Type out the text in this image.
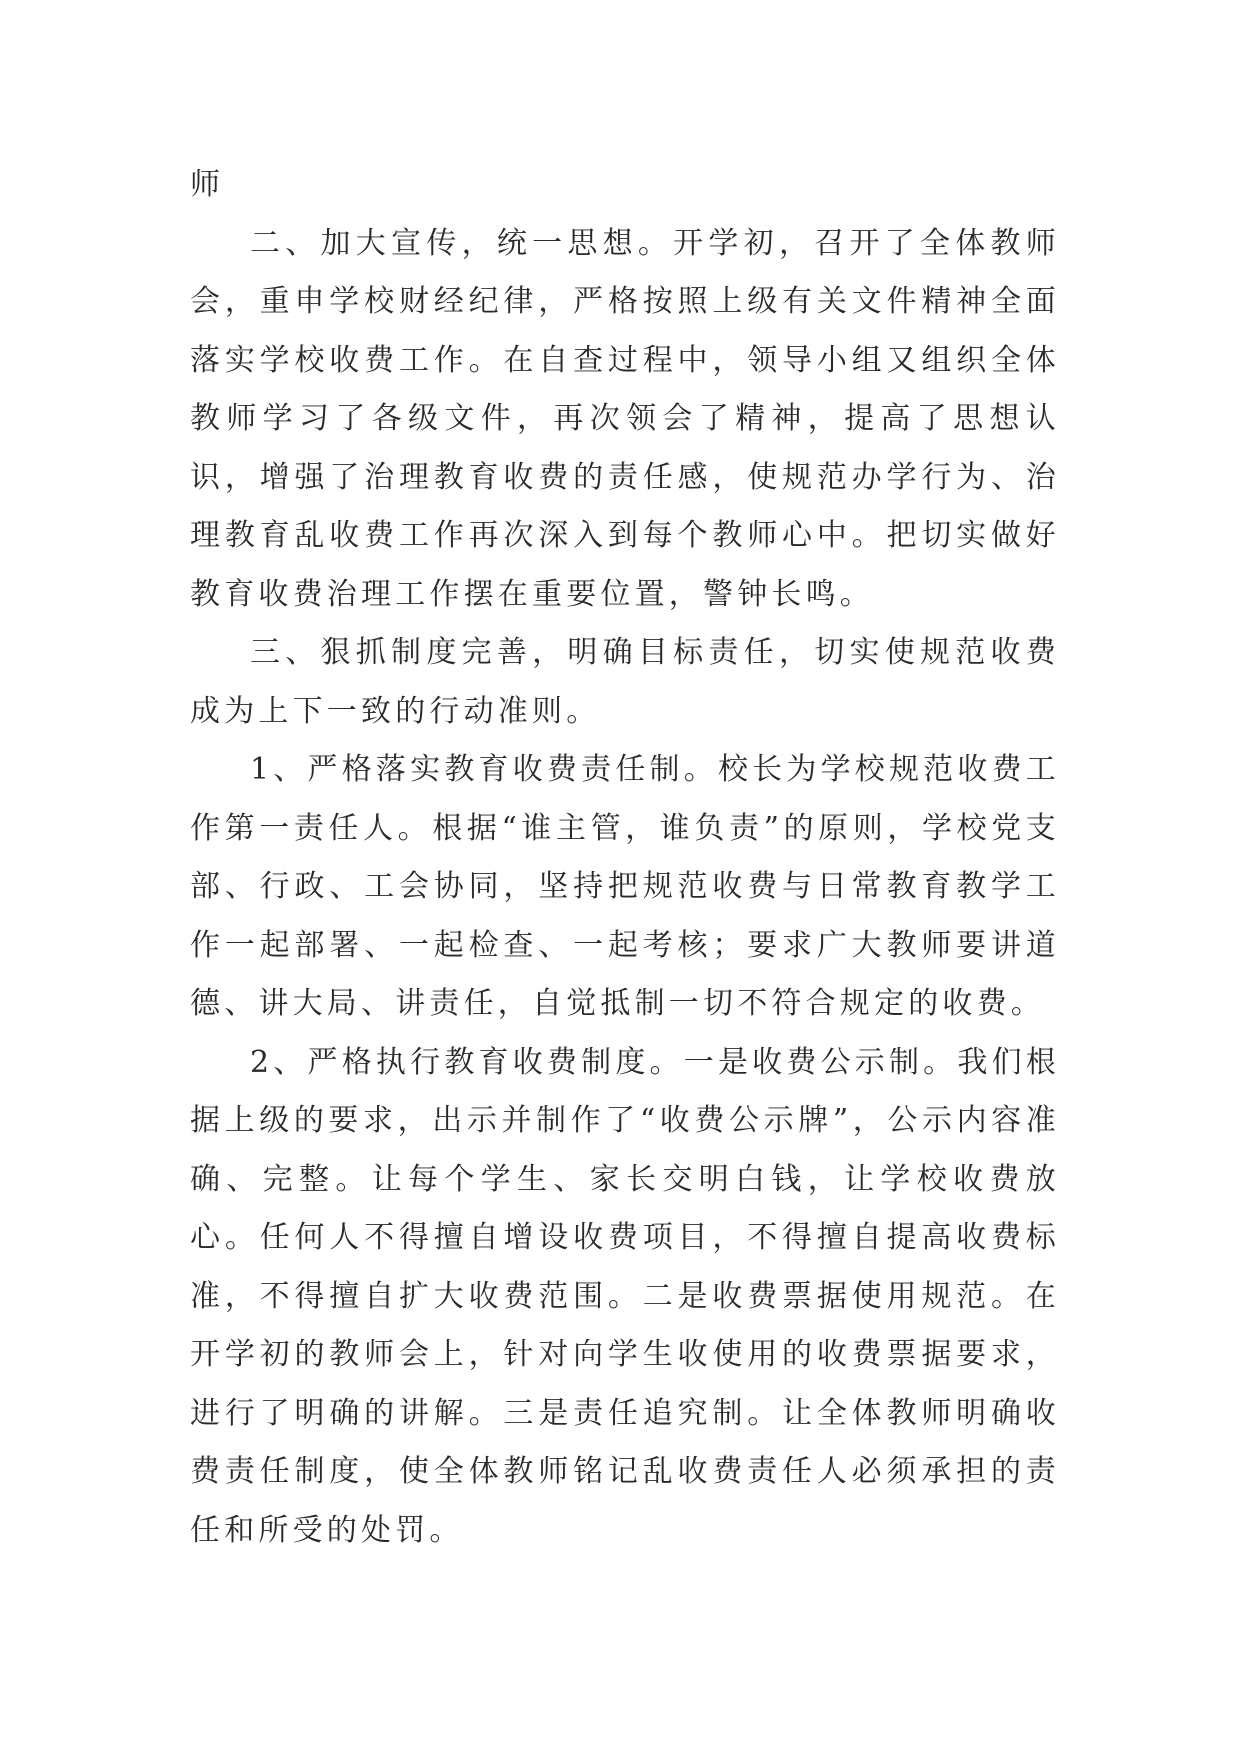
师

二、加大宣传，统一思想。开学初，召开了全体教师会，重申学校财经纪律，严格按照上级有关文件精神全面落实学校收费工作。在自查过程中，领导小组又组织全体教师学习了各级文件，再次领会了精神，提高了思想认识，增强了治理教育收费的责任感，使规范办学行为、治理教育乱收费工作再次深入到每个教师心中。把切实做好教育收费治理工作摆在重要位置，警钟长鸣。

三、狠抓制度完善，明确目标责任，切实使规范收费成为上下一致的行动准则。

1、严格落实教育收费责任制。校长为学校规范收费工作第一责任人。根据“谁主管，谁负责”的原则，学校党支部、行政、工会协同，坚持把规范收费与日常教育教学工作一起部署、一起检查、一起考核；要求广大教师要讲道德、讲大局、讲责任，自觉抵制一切不符合规定的收费。

2、严格执行教育收费制度。一是收费公示制。我们根据上级的要求，出示并制作了“收费公示牌”，公示内容准确、完整。让每个学生、家长交明白钱，让学校收费放心。任何人不得擅自增设收费项目，不得擅自提高收费标准，不得擅自扩大收费范围。二是收费票据使用规范。在开学初的教师会上，针对向学生收使用的收费票据要求，进行了明确的讲解。三是责任追究制。让全体教师明确收费责任制度，使全体教师铭记乱收费责任人必须承担的责任和所受的处罚。
